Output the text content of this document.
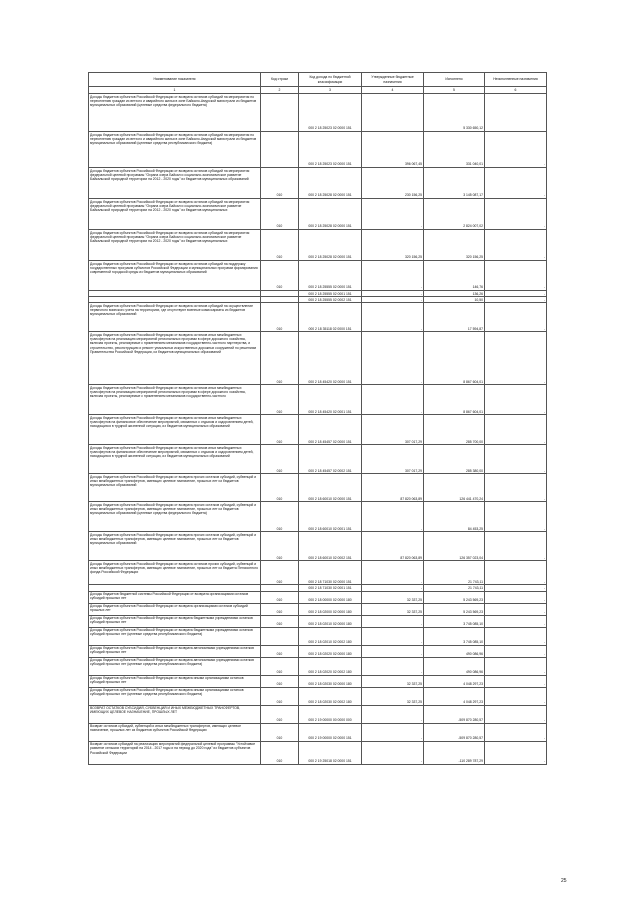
Наименование показателя	Код строки	Код дохода по бюджетной классификации	Утвержденные бюджетные назначения	Исполнено	Неисполненные назначения
1	2	3	4	5	6
Доходы бюджетов субъектов Российской Федерации от возврата остатков субсидий на мероприятия по переселению граждан из ветхого и аварийного жилья в зоне Байкало-Амурской магистрали из бюджетов муниципальных образований (целевые средства федерального бюджета)		000 2 18 25023 02 0000 151		5 330 650,12	
Доходы бюджетов субъектов Российской Федерации от возврата остатков субсидий на мероприятия по переселению граждан из ветхого и аварийного жилья в зоне Байкало-Амурской магистрали из бюджетов муниципальных образований (целевые средства республиканского бюджета)		000 2 18 25023 02 0000 151	396 067,45	331 040,01	-
Доходы бюджетов субъектов Российской Федерации от возврата остатков субсидий на мероприятия федеральной целевой программы "Охрана озера Байкал и социально-экономическое развитие Байкальской природной территории на 2012 - 2020 годы" из бюджетов муниципальных образований	010	000 2 18 25028 02 0000 151	230 156,25	3 145 087,17	-
Доходы бюджетов субъектов Российской Федерации от возврата остатков субсидий на мероприятия федеральной целевой программы "Охрана озера Байкал и социально-экономическое развитие Байкальской природной территории на 2012 - 2020 годы" из бюджетов муниципальных	010	000 2 18 25028 02 0000 151	-	2 824 007,02	-
Доходы бюджетов субъектов Российской Федерации от возврата остатков субсидий на мероприятия федеральной целевой программы "Охрана озера Байкал и социально-экономическое развитие Байкальской природной территории на 2012 - 2020 годы" из бюджетов муниципальных	010	000 2 18 25028 02 0000 151	320 156,25	320 156,25	-
Доходы бюджетов субъектов Российской Федерации от возврата остатков субсидий на поддержку государственных программ субъектов Российской Федерации и муниципальных программ формирования современной городской среды из бюджетов муниципальных образований	010	000 2 18 25555 02 0000 151	-	146,76	-
		000 2 18 25555 02 0001 151	-	136,26	-
		000 2 18 25555 02 0002 151	-	10,50	-
Доходы бюджетов субъектов Российской Федерации от возврата остатков субсидий на осуществление первичного воинского учета на территориях, где отсутствуют военные комиссариаты из бюджетов муниципальных образований	010	000 2 18 35118 02 0000 151	-	17 594,87	-
Доходы бюджетов субъектов Российской Федерации от возврата остатков иных межбюджетных трансфертов на реализацию мероприятий региональных программ в сфере дорожного хозяйства, включая проекты, реализуемые с применением механизмов государственно-частного партнерства, и строительство, реконструкцию и ремонт уникальных искусственных дорожных сооружений по решениям Правительства Российской Федерации, из бюджетов муниципальных образований	010	000 2 18 45420 02 0000 151	-	8 867 604,01	-
Доходы бюджетов субъектов Российской Федерации от возврата остатков иных межбюджетных трансфертов на реализацию мероприятий региональных программ в сфере дорожного хозяйства, включая проекты, реализуемые с применением механизмов государственно-частного	010	000 2 18 45420 02 0001 151	-	8 867 604,01	-
Доходы бюджетов субъектов Российской Федерации от возврата остатков иных межбюджетных трансфертов на финансовое обеспечение мероприятий, связанных с отдыхом и оздоровлением детей, находящихся в трудной жизненной ситуации, из бюджетов муниципальных образований	010	000 2 18 45457 02 0000 151	307 017,29	285 700,00	-
Доходы бюджетов субъектов Российской Федерации от возврата остатков иных межбюджетных трансфертов на финансовое обеспечение мероприятий, связанных с отдыхом и оздоровлением детей, находящихся в трудной жизненной ситуации, из бюджетов муниципальных образований	010	000 2 18 45457 02 0002 151	307 017,29	285 380,00	-
Доходы бюджетов субъектов Российской Федерации от возврата прочих остатков субсидий, субвенций и иных межбюджетных трансфертов, имеющих целевое назначение, прошлых лет из бюджетов муниципальных образований	010	000 2 18 60010 02 0000 151	87 820 063,89	126 441 470,24	-
Доходы бюджетов субъектов Российской Федерации от возврата прочих остатков субсидий, субвенций и иных межбюджетных трансфертов, имеющих целевое назначение, прошлых лет из бюджетов муниципальных образований (целевые средства федерального бюджета)	010	000 2 18 60010 02 0001 151	-	84 453,25	-
Доходы бюджетов субъектов Российской Федерации от возврата прочих остатков субсидий, субвенций и иных межбюджетных трансфертов, имеющих целевое назначение, прошлых лет из бюджетов муниципальных образований	010	000 2 18 60010 02 0002 151	87 820 063,89	126 357 023,04	-
Доходы бюджетов субъектов Российской Федерации от возврата остатков прочих субсидий, субвенций и иных межбюджетных трансфертов, имеющих целевое назначение, прошлых лет из бюджета Пенсионного фонда Российской Федерации	010	000 2 18 71030 02 0000 151	-	21 743,11	-
		000 2 18 71030 02 0001 151	-	21 743,11	-
Доходы бюджетов бюджетной системы Российской Федерации от возврата организациями остатков субсидий прошлых лет	010	000 2 18 00000 02 0000 180	32 337,25	5 243 569,23	-
Доходы бюджетов субъектов Российской Федерации от возврата организациями остатков субсидий прошлых лет	010	000 2 18 02000 02 0000 180	32 337,25	5 243 569,23	-
Доходы бюджетов субъектов Российской Федерации от возврата бюджетными учреждениями остатков субсидий прошлых лет	010	000 2 18 02010 02 0000 180	-	3 745 085,10	-
Доходы бюджетов субъектов Российской Федерации от возврата бюджетными учреждениями остатков субсидий прошлых лет (целевые средства республиканского бюджета)		000 2 18 02010 02 0002 180	-	3 745 085,10	-
Доходы бюджетов субъектов Российской Федерации от возврата автономными учреждениями остатков субсидий прошлых лет	010	000 2 18 02020 02 0000 180	-	490 086,96	-
Доходы бюджетов субъектов Российской Федерации от возврата автономными учреждениями остатков субсидий прошлых лет (целевые средства республиканского бюджета)	010	000 2 18 02020 02 0002 180	-	490 086,96	-
Доходы бюджетов субъектов Российской Федерации от возврата иными организациями остатков субсидий прошлых лет	010	000 2 18 02030 02 0000 180	32 337,25	4 048 297,23	-
Доходы бюджетов субъектов Российской Федерации от возврата иными организациями остатков субсидий прошлых лет (целевые средства республиканского бюджета)	010	000 2 18 02030 02 0002 180	32 337,25	4 048 297,23	-
ВОЗВРАТ ОСТАТКОВ СУБСИДИЙ, СУБВЕНЦИЙ И ИНЫХ МЕЖБЮДЖЕТНЫХ ТРАНСФЕРТОВ, ИМЕЮЩИХ ЦЕЛЕВОЕ НАЗНАЧЕНИЕ, ПРОШЛЫХ ЛЕТ	010	000 2 19 00000 00 0000 000	-	-509 870 280,57	-
Возврат остатков субсидий, субвенций и иных межбюджетных трансфертов, имеющих целевое назначение, прошлых лет из бюджетов субъектов Российской Федерации	010	000 2 19 00000 02 0000 151	-	-509 870 280,57	-
Возврат остатков субсидий на реализацию мероприятий федеральной целевой программы "Устойчивое развитие сельских территорий на 2014 - 2017 годы и на период до 2020 года" из бюджетов субъектов Российской Федерации	010	000 2 19 25018 02 0000 151	-	-110 289 787,29	-
25
